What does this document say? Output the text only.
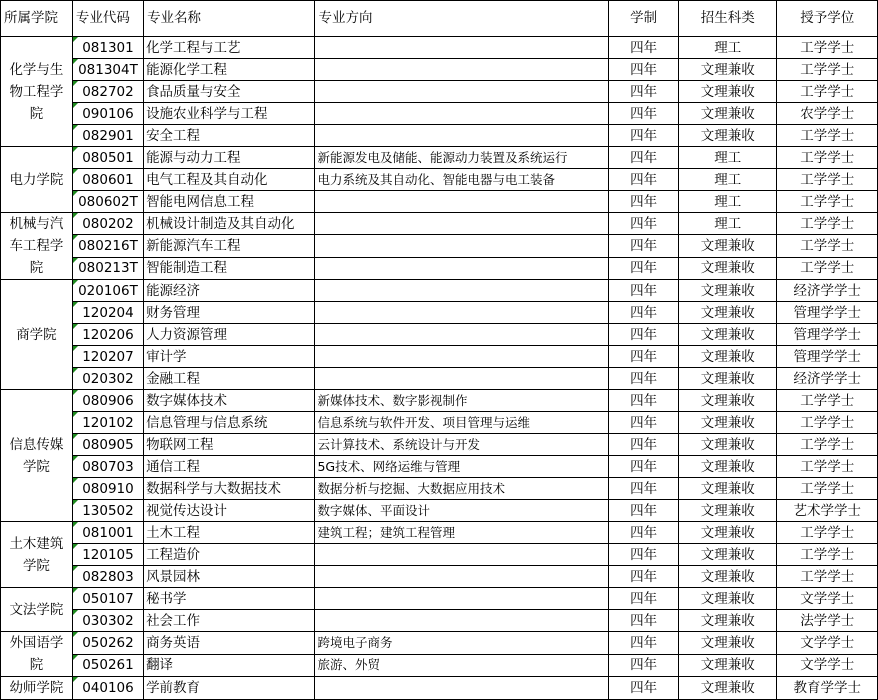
所属学院	专业代码	专业名称	专业方向	学制	招生科类	授予学位
化学与生物工程学院	081301	化学工程与工艺		四年	理工	工学学士
	081304T	能源化学工程		四年	文理兼收	工学学士
	082702	食品质量与安全		四年	文理兼收	工学学士
	090106	设施农业科学与工程		四年	文理兼收	农学学士
	082901	安全工程		四年	文理兼收	工学学士
电力学院	080501	能源与动力工程	新能源发电及储能、能源动力装置及系统运行	四年	理工	工学学士
	080601	电气工程及其自动化	电力系统及其自动化、智能电器与电工装备	四年	理工	工学学士
	080602T	智能电网信息工程		四年	理工	工学学士
机械与汽车工程学院	080202	机械设计制造及其自动化		四年	理工	工学学士
	080216T	新能源汽车工程		四年	文理兼收	工学学士
	080213T	智能制造工程		四年	文理兼收	工学学士
商学院	020106T	能源经济		四年	文理兼收	经济学学士
	120204	财务管理		四年	文理兼收	管理学学士
	120206	人力资源管理		四年	文理兼收	管理学学士
	120207	审计学		四年	文理兼收	管理学学士
	020302	金融工程		四年	文理兼收	经济学学士
信息传媒学院	080906	数字媒体技术	新媒体技术、数字影视制作	四年	文理兼收	工学学士
	120102	信息管理与信息系统	信息系统与软件开发、项目管理与运维	四年	文理兼收	工学学士
	080905	物联网工程	云计算技术、系统设计与开发	四年	文理兼收	工学学士
	080703	通信工程	5G技术、网络运维与管理	四年	文理兼收	工学学士
	080910	数据科学与大数据技术	数据分析与挖掘、大数据应用技术	四年	文理兼收	工学学士
	130502	视觉传达设计	数字媒体、平面设计	四年	文理兼收	艺术学学士
土木建筑学院	081001	土木工程	建筑工程；建筑工程管理	四年	文理兼收	工学学士
	120105	工程造价		四年	文理兼收	工学学士
	082803	风景园林		四年	文理兼收	工学学士
文法学院	050107	秘书学		四年	文理兼收	文学学士
	030302	社会工作		四年	文理兼收	法学学士
外国语学院	050262	商务英语	跨境电子商务	四年	文理兼收	文学学士
	050261	翻译	旅游、外贸	四年	文理兼收	文学学士
幼师学院	040106	学前教育		四年	文理兼收	教育学学士
